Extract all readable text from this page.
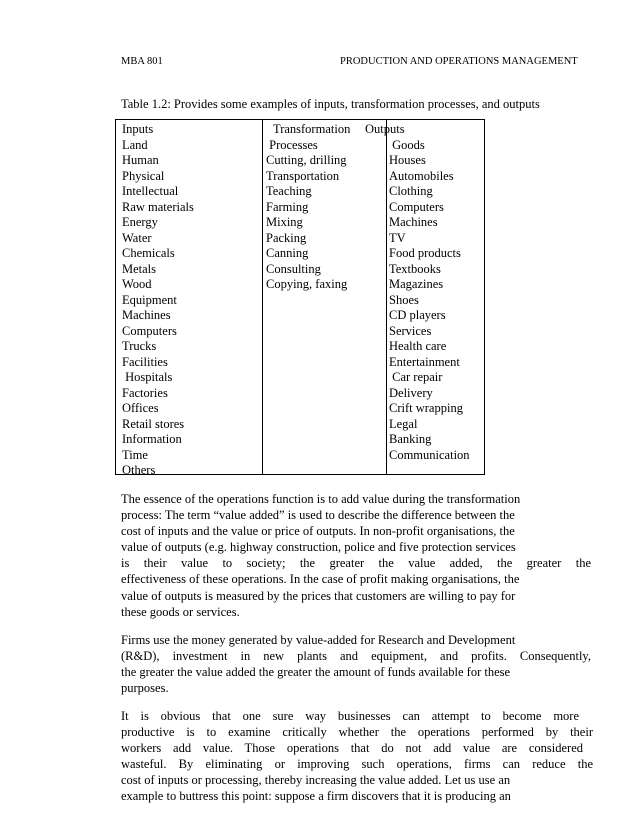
MBA 801	PRODUCTION AND OPERATIONS MANAGEMENT
Table 1.2: Provides some examples of inputs, transformation processes, and outputs
Inputs
Land
Human
Physical
Intellectual
Raw materials
Energy
Water
Chemicals
Metals
Wood
Equipment
Machines
Computers
Trucks
Facilities
Hospitals
Factories
Offices
Retail stores
Information
Time
Others
Transformation
Processes
Cutting, drilling
Transportation
Teaching
Farming
Mixing
Packing
Canning
Consulting
Copying, faxing
Outputs
Goods
Houses
Automobiles
Clothing
Computers
Machines
TV
Food products
Textbooks
Magazines
Shoes
CD players
Services
Health care
Entertainment
Car repair
Delivery
Crift wrapping
Legal
Banking
Communication
The essence of the operations function is to add value during the transformation
process: The term “value added” is used to describe the difference between the
cost of inputs and the value or price of outputs. In non-profit organisations, the
value of outputs (e.g. highway construction, police and five protection services
is their value to society; the greater the value added, the greater the
effectiveness of these operations. In the case of profit making organisations, the
value of outputs is measured by the prices that customers are willing to pay for
these goods or services.
Firms use the money generated by value-added for Research and Development
(R&D), investment in new plants and equipment, and profits. Consequently,
the greater the value added the greater the amount of funds available for these
purposes.
It is obvious that one sure way businesses can attempt to become more
productive is to examine critically whether the operations performed by their
workers add value. Those operations that do not add value are considered
wasteful. By eliminating or improving such operations, firms can reduce the
cost of inputs or processing, thereby increasing the value added. Let us use an
example to buttress this point: suppose a firm discovers that it is producing an
